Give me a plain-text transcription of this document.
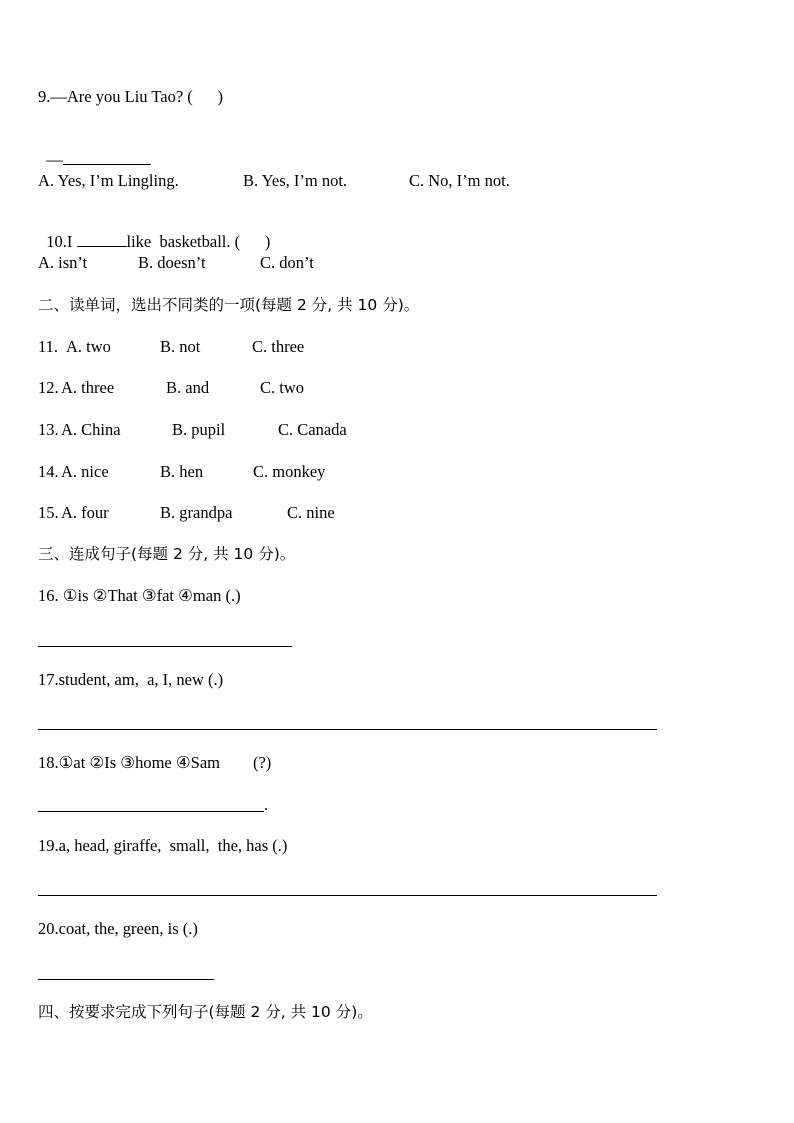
9.—Are you Liu Tao? (      )

—

A. Yes, I’m Lingling.	B. Yes, I’m not.	C. No, I’m not.

10.I	like  basketball. (      )

A. isn’t	B. doesn’t	C. don’t
二、读单词，选出不同类的一项(每题 2 分, 共 10 分)。
11. A. two	B. not	C. three
12. A. three	B. and	C. two
13. A. China	B. pupil	C. Canada
14. A. nice	B. hen	C. monkey
15. A. four	B. grandpa	C. nine
三、连成句子(每题 2 分, 共 10 分)。
16. ①is ②That ③fat ④man (.)
17.student, am,  a, I, new (.)
18.①at ②Is ③home ④Sam        (?)
.
19.a, head, giraffe,  small,  the, has (.)
20.coat, the, green, is (.)
四、按要求完成下列句子(每题 2 分, 共 10 分)。
